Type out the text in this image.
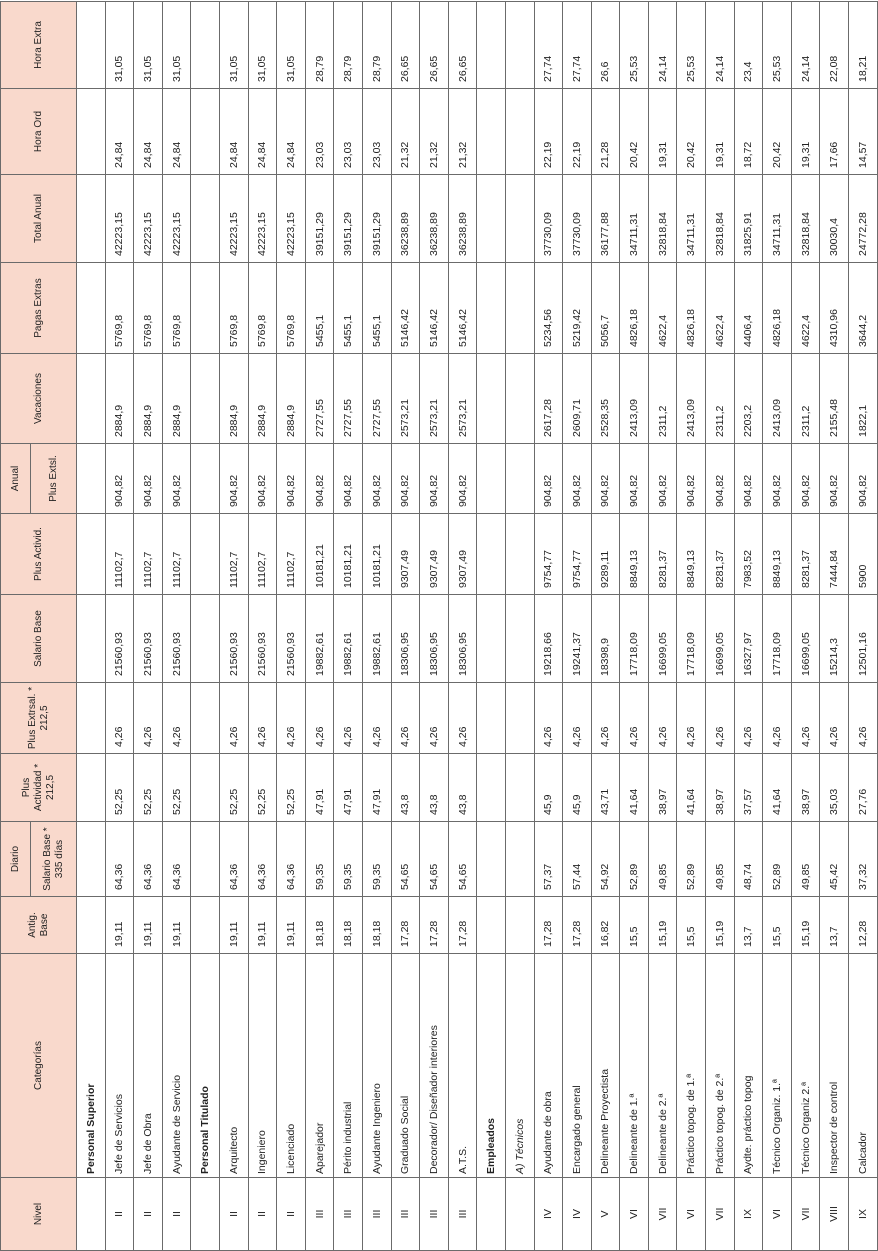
Nivel	Categorías	Antig. Base	Diario	Plus Actividad * 212,5	Plus Extrsal. * 212,5	Salario Base	Plus Activid.	Anual	Vacaciones	Pagas Extras	Total Anual	Hora Ord	Hora Extra
			Salario Base * 335 días					Plus Extsl.					
	Personal Superior												
II	Jefe de Servicios	19,11	64,36	52,25	4,26	21560,93	11102,7	904,82	2884,9	5769,8	42223,15	24,84	31,05
II	Jefe de Obra	19,11	64,36	52,25	4,26	21560,93	11102,7	904,82	2884,9	5769,8	42223,15	24,84	31,05
II	Ayudante de Servicio	19,11	64,36	52,25	4,26	21560,93	11102,7	904,82	2884,9	5769,8	42223,15	24,84	31,05
	Personal Titulado												
II	Arquitecto	19,11	64,36	52,25	4,26	21560,93	11102,7	904,82	2884,9	5769,8	42223,15	24,84	31,05
II	Ingeniero	19,11	64,36	52,25	4,26	21560,93	11102,7	904,82	2884,9	5769,8	42223,15	24,84	31,05
II	Licenciado	19,11	64,36	52,25	4,26	21560,93	11102,7	904,82	2884,9	5769,8	42223,15	24,84	31,05
III	Aparejador	18,18	59,35	47,91	4,26	19882,61	10181,21	904,82	2727,55	5455,1	39151,29	23,03	28,79
III	Périto industrial	18,18	59,35	47,91	4,26	19882,61	10181,21	904,82	2727,55	5455,1	39151,29	23,03	28,79
III	Ayudante Ingeniero	18,18	59,35	47,91	4,26	19882,61	10181,21	904,82	2727,55	5455,1	39151,29	23,03	28,79
III	Graduado Social	17,28	54,65	43,8	4,26	18306,95	9307,49	904,82	2573,21	5146,42	36238,89	21,32	26,65
III	Decorador/ Diseñador interiores	17,28	54,65	43,8	4,26	18306,95	9307,49	904,82	2573,21	5146,42	36238,89	21,32	26,65
III	A.T.S.	17,28	54,65	43,8	4,26	18306,95	9307,49	904,82	2573,21	5146,42	36238,89	21,32	26,65
	Empleados												
	A) Técnicos												
IV	Ayudante de obra	17,28	57,37	45,9	4,26	19218,66	9754,77	904,82	2617,28	5234,56	37730,09	22,19	27,74
IV	Encargado general	17,28	57,44	45,9	4,26	19241,37	9754,77	904,82	2609,71	5219,42	37730,09	22,19	27,74
V	Delineante Proyectista	16,82	54,92	43,71	4,26	18398,9	9289,11	904,82	2528,35	5056,7	36177,88	21,28	26,6
VI	Delineante de 1.ª	15,5	52,89	41,64	4,26	17718,09	8849,13	904,82	2413,09	4826,18	34711,31	20,42	25,53
VII	Delineante de 2.ª	15,19	49,85	38,97	4,26	16699,05	8281,37	904,82	2311,2	4622,4	32818,84	19,31	24,14
VI	Práctico topog. de 1.ª	15,5	52,89	41,64	4,26	17718,09	8849,13	904,82	2413,09	4826,18	34711,31	20,42	25,53
VII	Práctico topog. de 2.ª	15,19	49,85	38,97	4,26	16699,05	8281,37	904,82	2311,2	4622,4	32818,84	19,31	24,14
IX	Aydte. práctico topog	13,7	48,74	37,57	4,26	16327,97	7983,52	904,82	2203,2	4406,4	31825,91	18,72	23,4
VI	Técnico Organiz. 1.ª	15,5	52,89	41,64	4,26	17718,09	8849,13	904,82	2413,09	4826,18	34711,31	20,42	25,53
VII	Técnico Organiz 2.ª	15,19	49,85	38,97	4,26	16699,05	8281,37	904,82	2311,2	4622,4	32818,84	19,31	24,14
VIII	Inspector de control	13,7	45,42	35,03	4,26	15214,3	7444,84	904,82	2155,48	4310,96	30030,4	17,66	22,08
IX	Calcador	12,28	37,32	27,76	4,26	12501,16	5900	904,82	1822,1	3644,2	24772,28	14,57	18,21
